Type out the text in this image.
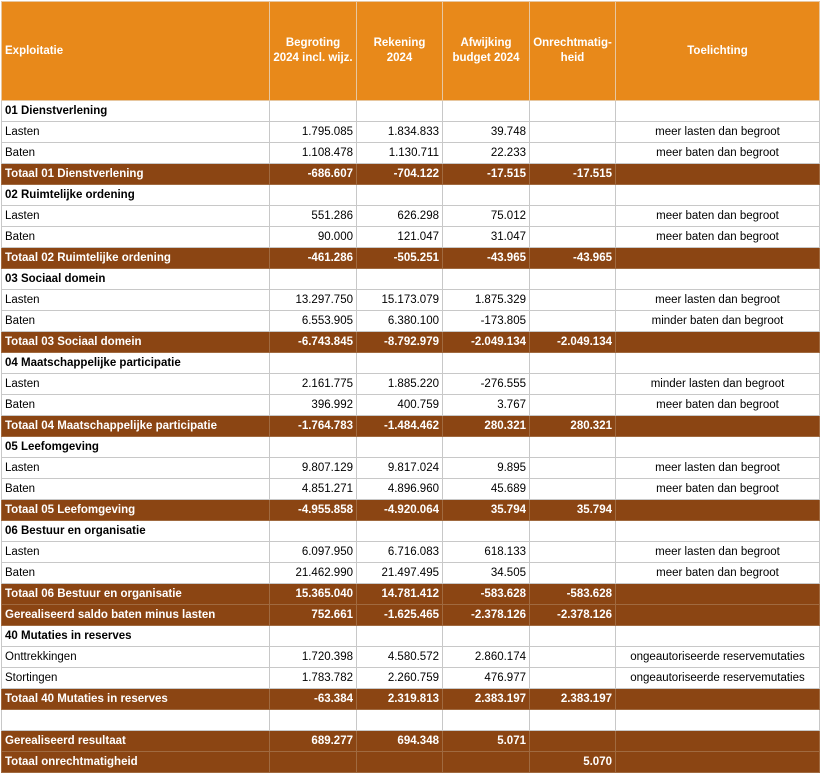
Exploitatie	Begroting 2024 incl. wijz.	Rekening 2024	Afwijking budget 2024	Onrechtmatig-heid	Toelichting
01 Dienstverlening					
Lasten	1.795.085	1.834.833	39.748		meer lasten dan begroot
Baten	1.108.478	1.130.711	22.233		meer baten dan begroot
Totaal 01 Dienstverlening	-686.607	-704.122	-17.515	-17.515	
02 Ruimtelijke ordening					
Lasten	551.286	626.298	75.012		meer baten dan begroot
Baten	90.000	121.047	31.047		meer baten dan begroot
Totaal 02 Ruimtelijke ordening	-461.286	-505.251	-43.965	-43.965	
03 Sociaal domein					
Lasten	13.297.750	15.173.079	1.875.329		meer lasten dan begroot
Baten	6.553.905	6.380.100	-173.805		minder baten dan begroot
Totaal 03 Sociaal domein	-6.743.845	-8.792.979	-2.049.134	-2.049.134	
04 Maatschappelijke participatie					
Lasten	2.161.775	1.885.220	-276.555		minder lasten dan begroot
Baten	396.992	400.759	3.767		meer baten dan begroot
Totaal 04 Maatschappelijke participatie	-1.764.783	-1.484.462	280.321	280.321	
05 Leefomgeving					
Lasten	9.807.129	9.817.024	9.895		meer lasten dan begroot
Baten	4.851.271	4.896.960	45.689		meer baten dan begroot
Totaal 05 Leefomgeving	-4.955.858	-4.920.064	35.794	35.794	
06 Bestuur en organisatie					
Lasten	6.097.950	6.716.083	618.133		meer lasten dan begroot
Baten	21.462.990	21.497.495	34.505		meer baten dan begroot
Totaal 06 Bestuur en organisatie	15.365.040	14.781.412	-583.628	-583.628	
Gerealiseerd saldo baten minus lasten	752.661	-1.625.465	-2.378.126	-2.378.126	
40 Mutaties in reserves					
Onttrekkingen	1.720.398	4.580.572	2.860.174		ongeautoriseerde reservemutaties
Stortingen	1.783.782	2.260.759	476.977		ongeautoriseerde reservemutaties
Totaal 40 Mutaties in reserves	-63.384	2.319.813	2.383.197	2.383.197	

Gerealiseerd resultaat	689.277	694.348	5.071		
Totaal onrechtmatigheid				5.070	
